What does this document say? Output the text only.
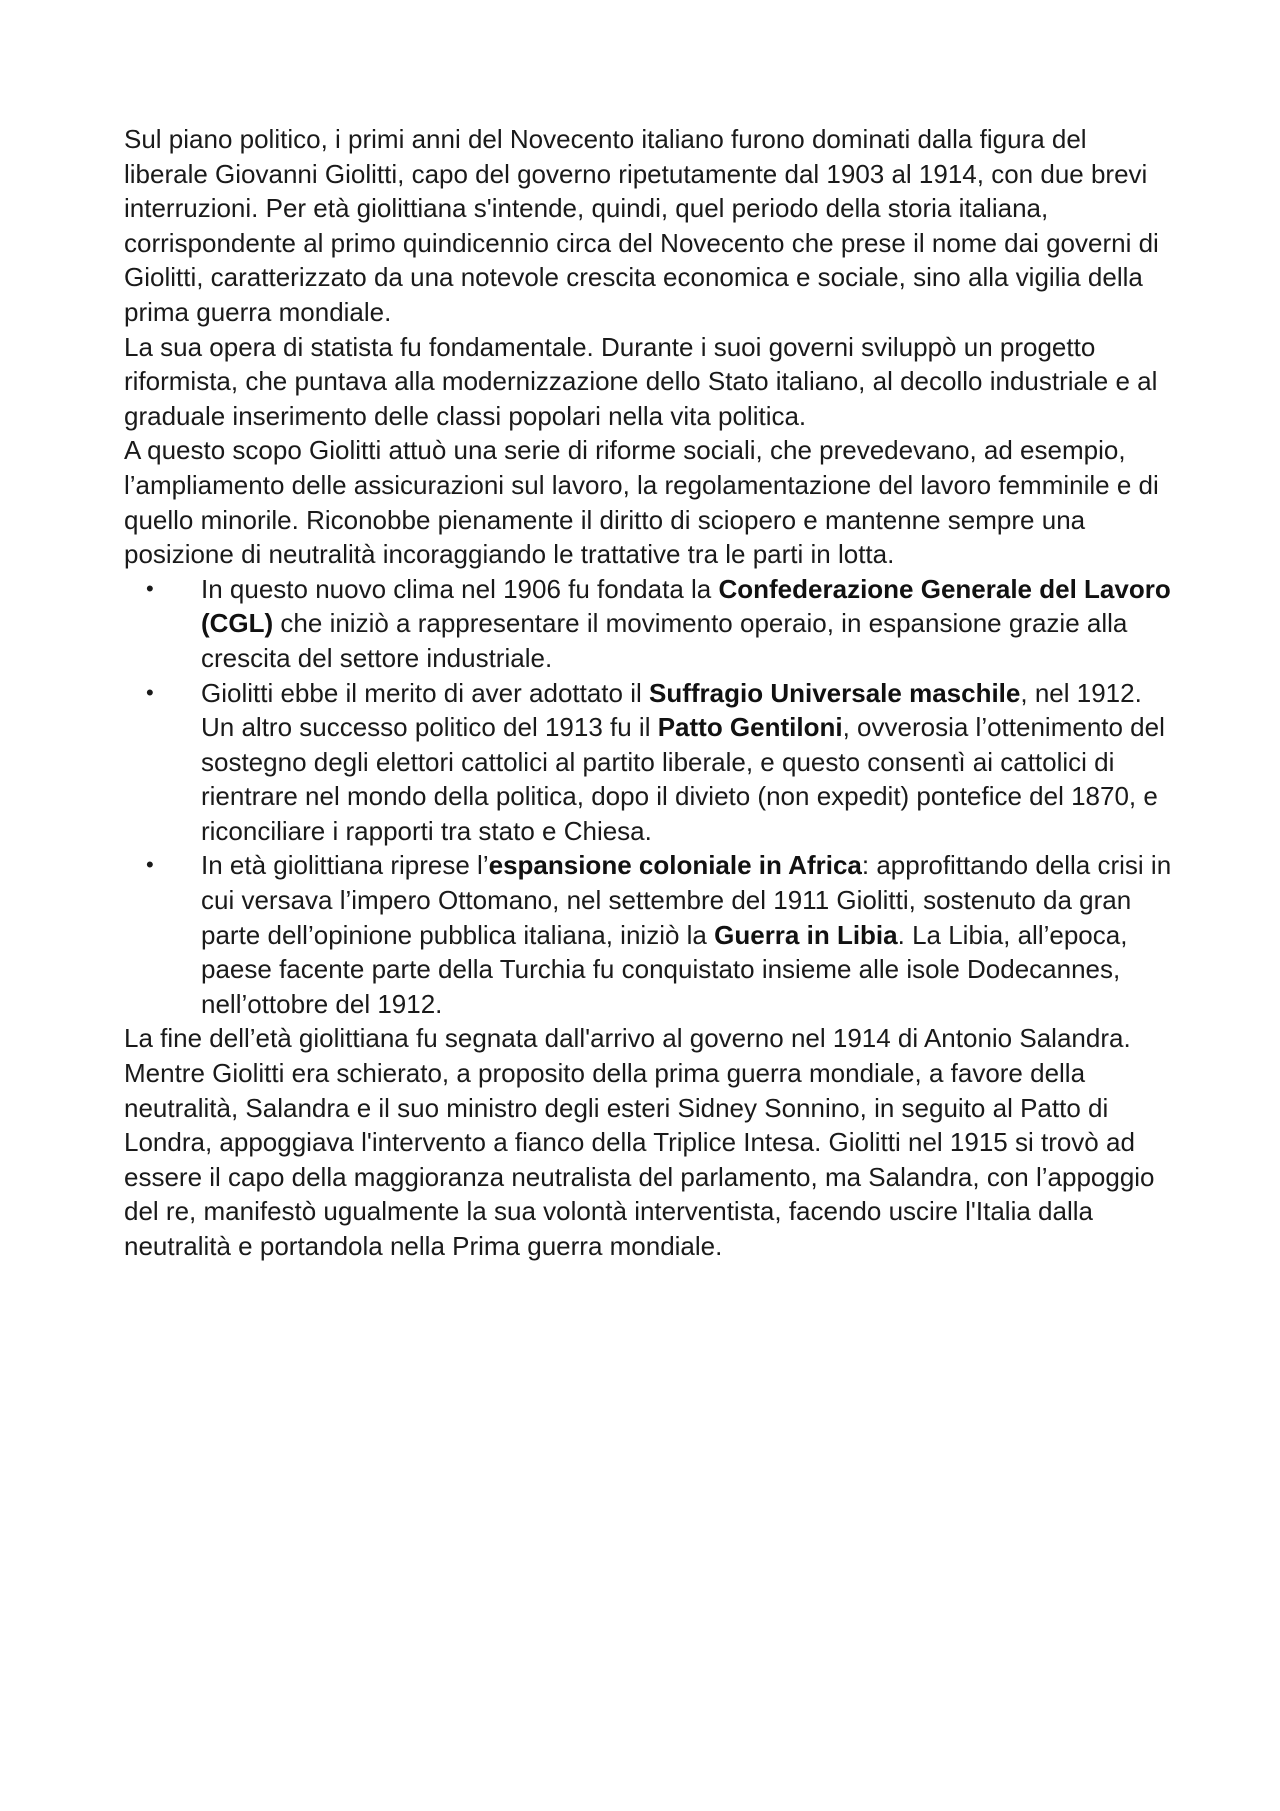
Sul piano politico, i primi anni del Novecento italiano furono dominati dalla figura del liberale Giovanni Giolitti, capo del governo ripetutamente dal 1903 al 1914, con due brevi interruzioni. Per età giolittiana s'intende, quindi, quel periodo della storia italiana, corrispondente al primo quindicennio circa del Novecento che prese il nome dai governi di Giolitti, caratterizzato da una notevole crescita economica e sociale, sino alla vigilia della prima guerra mondiale.

La sua opera di statista fu fondamentale. Durante i suoi governi sviluppò un progetto riformista, che puntava alla modernizzazione dello Stato italiano, al decollo industriale e al graduale inserimento delle classi popolari nella vita politica.

A questo scopo Giolitti attuò una serie di riforme sociali, che prevedevano, ad esempio, l’ampliamento delle assicurazioni sul lavoro, la regolamentazione del lavoro femminile e di quello minorile. Riconobbe pienamente il diritto di sciopero e mantenne sempre una posizione di neutralità incoraggiando le trattative tra le parti in lotta.

• In questo nuovo clima nel 1906 fu fondata la Confederazione Generale del Lavoro (CGL) che iniziò a rappresentare il movimento operaio, in espansione grazie alla crescita del settore industriale.
• Giolitti ebbe il merito di aver adottato il Suffragio Universale maschile, nel 1912. Un altro successo politico del 1913 fu il Patto Gentiloni, ovverosia l’ottenimento del sostegno degli elettori cattolici al partito liberale, e questo consentì ai cattolici di rientrare nel mondo della politica, dopo il divieto (non expedit) pontefice del 1870, e riconciliare i rapporti tra stato e Chiesa.
• In età giolittiana riprese l’espansione coloniale in Africa: approfittando della crisi in cui versava l’impero Ottomano, nel settembre del 1911 Giolitti, sostenuto da gran parte dell’opinione pubblica italiana, iniziò la Guerra in Libia. La Libia, all’epoca, paese facente parte della Turchia fu conquistato insieme alle isole Dodecannes, nell’ottobre del 1912.

La fine dell’età giolittiana fu segnata dall'arrivo al governo nel 1914 di Antonio Salandra. Mentre Giolitti era schierato, a proposito della prima guerra mondiale, a favore della neutralità, Salandra e il suo ministro degli esteri Sidney Sonnino, in seguito al Patto di Londra, appoggiava l'intervento a fianco della Triplice Intesa. Giolitti nel 1915 si trovò ad essere il capo della maggioranza neutralista del parlamento, ma Salandra, con l’appoggio del re, manifestò ugualmente la sua volontà interventista, facendo uscire l'Italia dalla neutralità e portandola nella Prima guerra mondiale.
